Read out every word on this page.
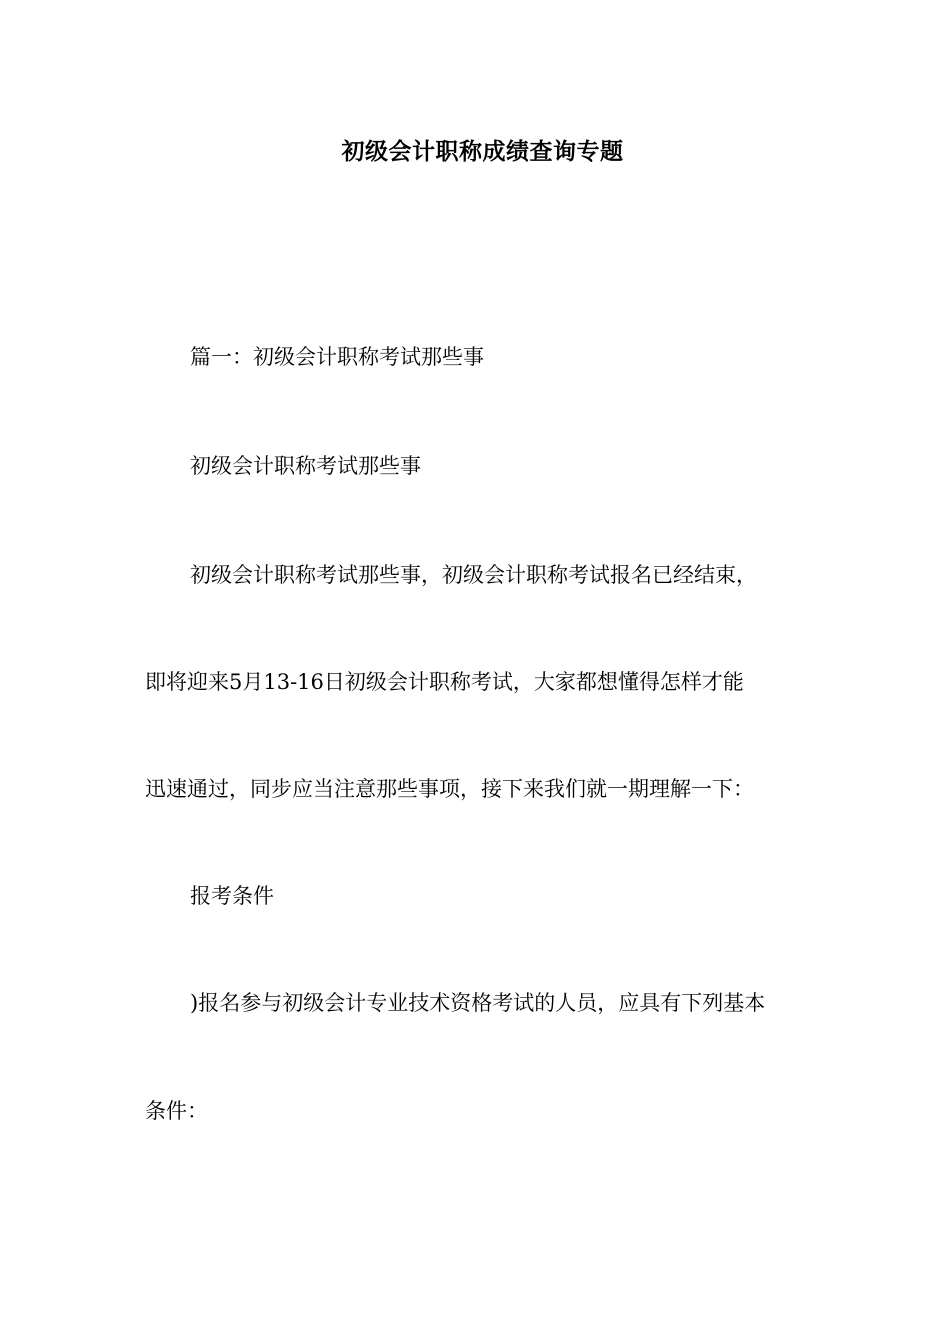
初级会计职称成绩查询专题
篇一：初级会计职称考试那些事
初级会计职称考试那些事
初级会计职称考试那些事，初级会计职称考试报名已经结束，
即将迎来5月13-16日初级会计职称考试，大家都想懂得怎样才能
迅速通过，同步应当注意那些事项，接下来我们就一期理解一下：
报考条件
)报名参与初级会计专业技术资格考试的人员，应具有下列基本
条件：
